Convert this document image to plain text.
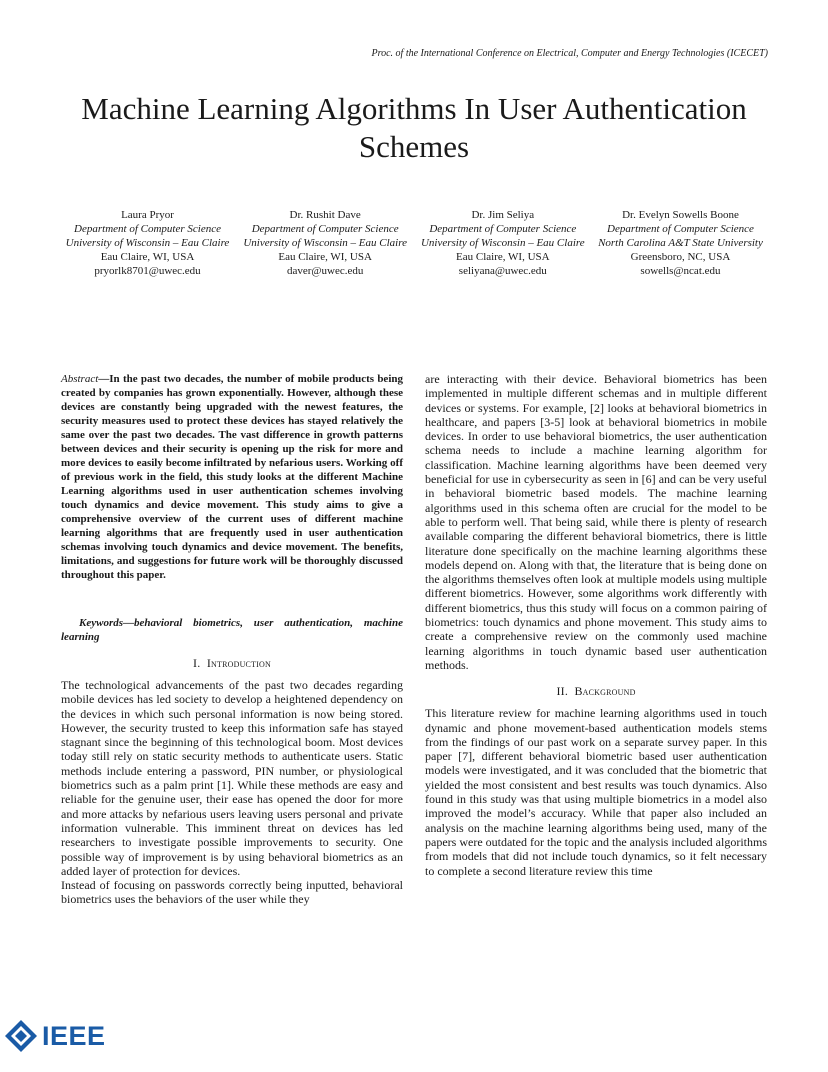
Proc. of the International Conference on Electrical, Computer and Energy Technologies (ICECET)
Machine Learning Algorithms In User Authentication Schemes
Laura Pryor
Department of Computer Science
University of Wisconsin – Eau Claire
Eau Claire, WI, USA
pryorlk8701@uwec.edu
Dr. Rushit Dave
Department of Computer Science
University of Wisconsin – Eau Claire
Eau Claire, WI, USA
daver@uwec.edu
Dr. Jim Seliya
Department of Computer Science
University of Wisconsin – Eau Claire
Eau Claire, WI, USA
seliyana@uwec.edu
Dr. Evelyn Sowells Boone
Department of Computer Science
North Carolina A&T State University
Greensboro, NC, USA
sowells@ncat.edu

Abstract—In the past two decades, the number of mobile products being created by companies has grown exponentially. However, although these devices are constantly being upgraded with the newest features, the security measures used to protect these devices has stayed relatively the same over the past two decades. The vast difference in growth patterns between devices and their security is opening up the risk for more and more devices to easily become infiltrated by nefarious users. Working off of previous work in the field, this study looks at the different Machine Learning algorithms used in user authentication schemes involving touch dynamics and device movement. This study aims to give a comprehensive overview of the current uses of different machine learning algorithms that are frequently used in user authentication schemas involving touch dynamics and device movement. The benefits, limitations, and suggestions for future work will be thoroughly discussed throughout this paper.

Keywords—behavioral biometrics, user authentication, machine learning

I. Introduction

The technological advancements of the past two decades regarding mobile devices has led society to develop a heightened dependency on the devices in which such personal information is now being stored. However, the security trusted to keep this information safe has stayed stagnant since the beginning of this technological boom. Most devices today still rely on static security methods to authenticate users. Static methods include entering a password, PIN number, or physiological biometrics such as a palm print [1]. While these methods are easy and reliable for the genuine user, their ease has opened the door for more and more attacks by nefarious users leaving users personal and private information vulnerable. This imminent threat on devices has led researchers to investigate possible improvements to security. One possible way of improvement is by using behavioral biometrics as an added layer of protection for devices.

Instead of focusing on passwords correctly being inputted, behavioral biometrics uses the behaviors of the user while they

are interacting with their device. Behavioral biometrics has been implemented in multiple different schemas and in multiple different devices or systems. For example, [2] looks at behavioral biometrics in healthcare, and papers [3-5] look at behavioral biometrics in mobile devices. In order to use behavioral biometrics, the user authentication schema needs to include a machine learning algorithm for classification. Machine learning algorithms have been deemed very beneficial for use in cybersecurity as seen in [6] and can be very useful in behavioral biometric based models. The machine learning algorithms used in this schema often are crucial for the model to be able to perform well. That being said, while there is plenty of research available comparing the different behavioral biometrics, there is little literature done specifically on the machine learning algorithms these models depend on. Along with that, the literature that is being done on the algorithms themselves often look at multiple models using multiple different biometrics. However, some algorithms work differently with different biometrics, thus this study will focus on a common pairing of biometrics: touch dynamics and phone movement. This study aims to create a comprehensive review on the commonly used machine learning algorithms in touch dynamic based user authentication methods.

II. Background

This literature review for machine learning algorithms used in touch dynamic and phone movement-based authentication models stems from the findings of our past work on a separate survey paper. In this paper [7], different behavioral biometric based user authentication models were investigated, and it was concluded that the biometric that yielded the most consistent and best results was touch dynamics. Also found in this study was that using multiple biometrics in a model also improved the model’s accuracy. While that paper also included an analysis on the machine learning algorithms being used, many of the papers were outdated for the topic and the analysis included algorithms from models that did not include touch dynamics, so it felt necessary to complete a second literature review this time

IEEE
